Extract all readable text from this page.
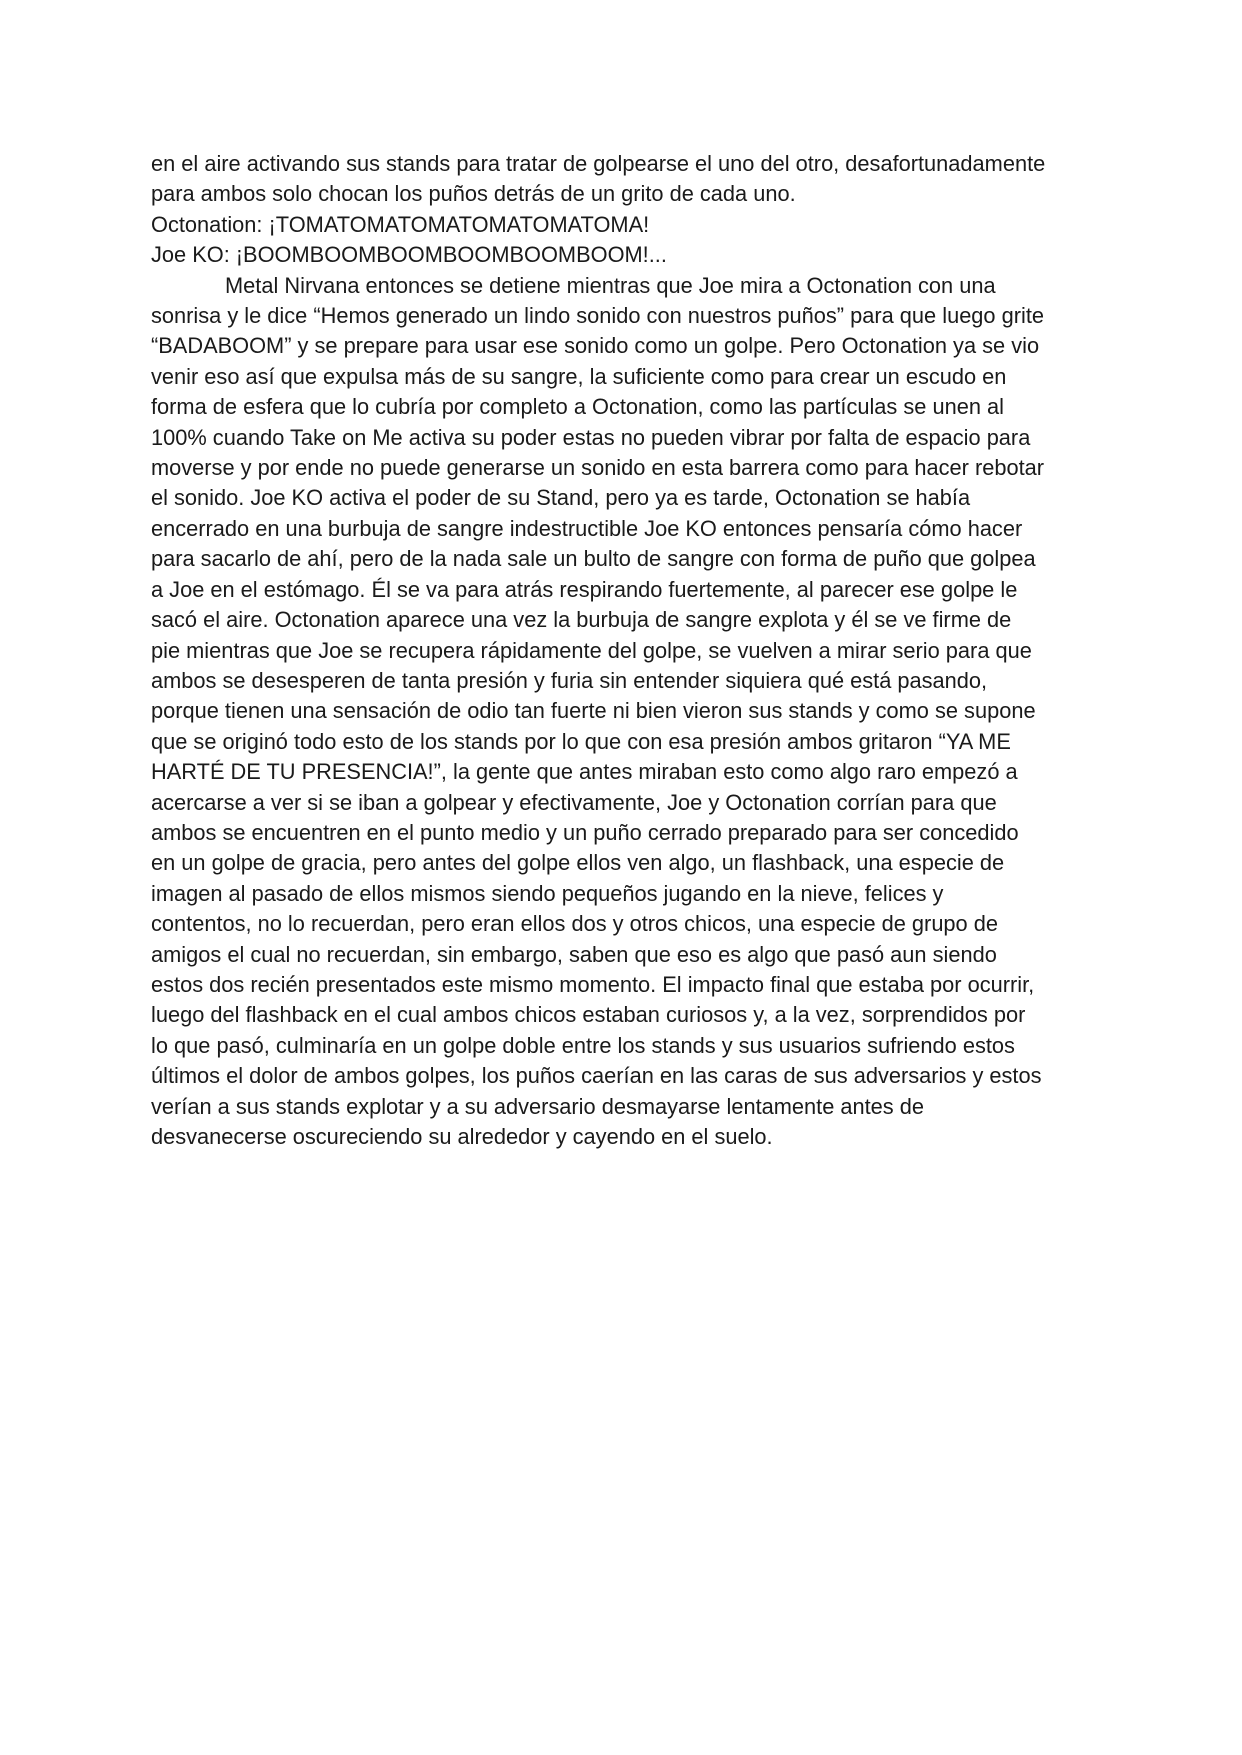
en el aire activando sus stands para tratar de golpearse el uno del otro, desafortunadamente
para ambos solo chocan los puños detrás de un grito de cada uno.
Octonation: ¡TOMATOMATOMATOMATOMATOMA!
Joe KO: ¡BOOMBOOMBOOMBOOMBOOMBOOM!...
Metal Nirvana entonces se detiene mientras que Joe mira a Octonation con una
sonrisa y le dice “Hemos generado un lindo sonido con nuestros puños” para que luego grite
“BADABOOM” y se prepare para usar ese sonido como un golpe. Pero Octonation ya se vio
venir eso así que expulsa más de su sangre, la suficiente como para crear un escudo en
forma de esfera que lo cubría por completo a Octonation, como las partículas se unen al
100% cuando Take on Me activa su poder estas no pueden vibrar por falta de espacio para
moverse y por ende no puede generarse un sonido en esta barrera como para hacer rebotar
el sonido. Joe KO activa el poder de su Stand, pero ya es tarde, Octonation se había
encerrado en una burbuja de sangre indestructible Joe KO entonces pensaría cómo hacer
para sacarlo de ahí, pero de la nada sale un bulto de sangre con forma de puño que golpea
a Joe en el estómago. Él se va para atrás respirando fuertemente, al parecer ese golpe le
sacó el aire. Octonation aparece una vez la burbuja de sangre explota y él se ve firme de
pie mientras que Joe se recupera rápidamente del golpe, se vuelven a mirar serio para que
ambos se desesperen de tanta presión y furia sin entender siquiera qué está pasando,
porque tienen una sensación de odio tan fuerte ni bien vieron sus stands y como se supone
que se originó todo esto de los stands por lo que con esa presión ambos gritaron “YA ME
HARTÉ DE TU PRESENCIA!”, la gente que antes miraban esto como algo raro empezó a
acercarse a ver si se iban a golpear y efectivamente, Joe y Octonation corrían para que
ambos se encuentren en el punto medio y un puño cerrado preparado para ser concedido
en un golpe de gracia, pero antes del golpe ellos ven algo, un flashback, una especie de
imagen al pasado de ellos mismos siendo pequeños jugando en la nieve, felices y
contentos, no lo recuerdan, pero eran ellos dos y otros chicos, una especie de grupo de
amigos el cual no recuerdan, sin embargo, saben que eso es algo que pasó aun siendo
estos dos recién presentados este mismo momento. El impacto final que estaba por ocurrir,
luego del flashback en el cual ambos chicos estaban curiosos y, a la vez, sorprendidos por
lo que pasó, culminaría en un golpe doble entre los stands y sus usuarios sufriendo estos
últimos el dolor de ambos golpes, los puños caerían en las caras de sus adversarios y estos
verían a sus stands explotar y a su adversario desmayarse lentamente antes de
desvanecerse oscureciendo su alrededor y cayendo en el suelo.
